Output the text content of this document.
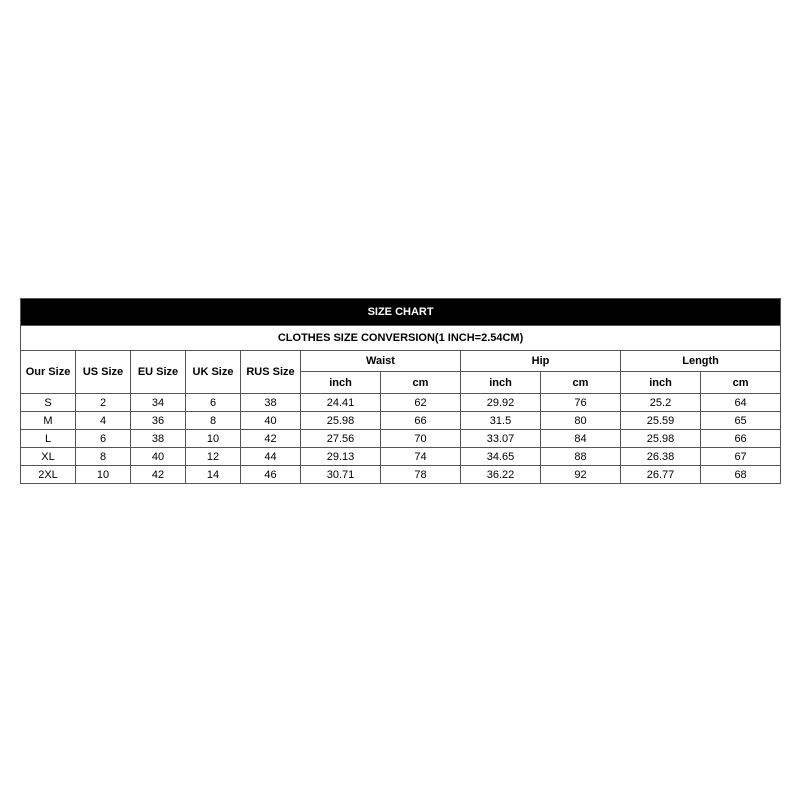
SIZE CHART										
CLOTHES SIZE CONVERSION(1 INCH=2.54CM)										
Our Size	US Size	EU Size	UK Size	RUS Size	Waist		Hip		Length	
					inch	cm	inch	cm	inch	cm
S	2	34	6	38	24.41	62	29.92	76	25.2	64
M	4	36	8	40	25.98	66	31.5	80	25.59	65
L	6	38	10	42	27.56	70	33.07	84	25.98	66
XL	8	40	12	44	29.13	74	34.65	88	26.38	67
2XL	10	42	14	46	30.71	78	36.22	92	26.77	68
